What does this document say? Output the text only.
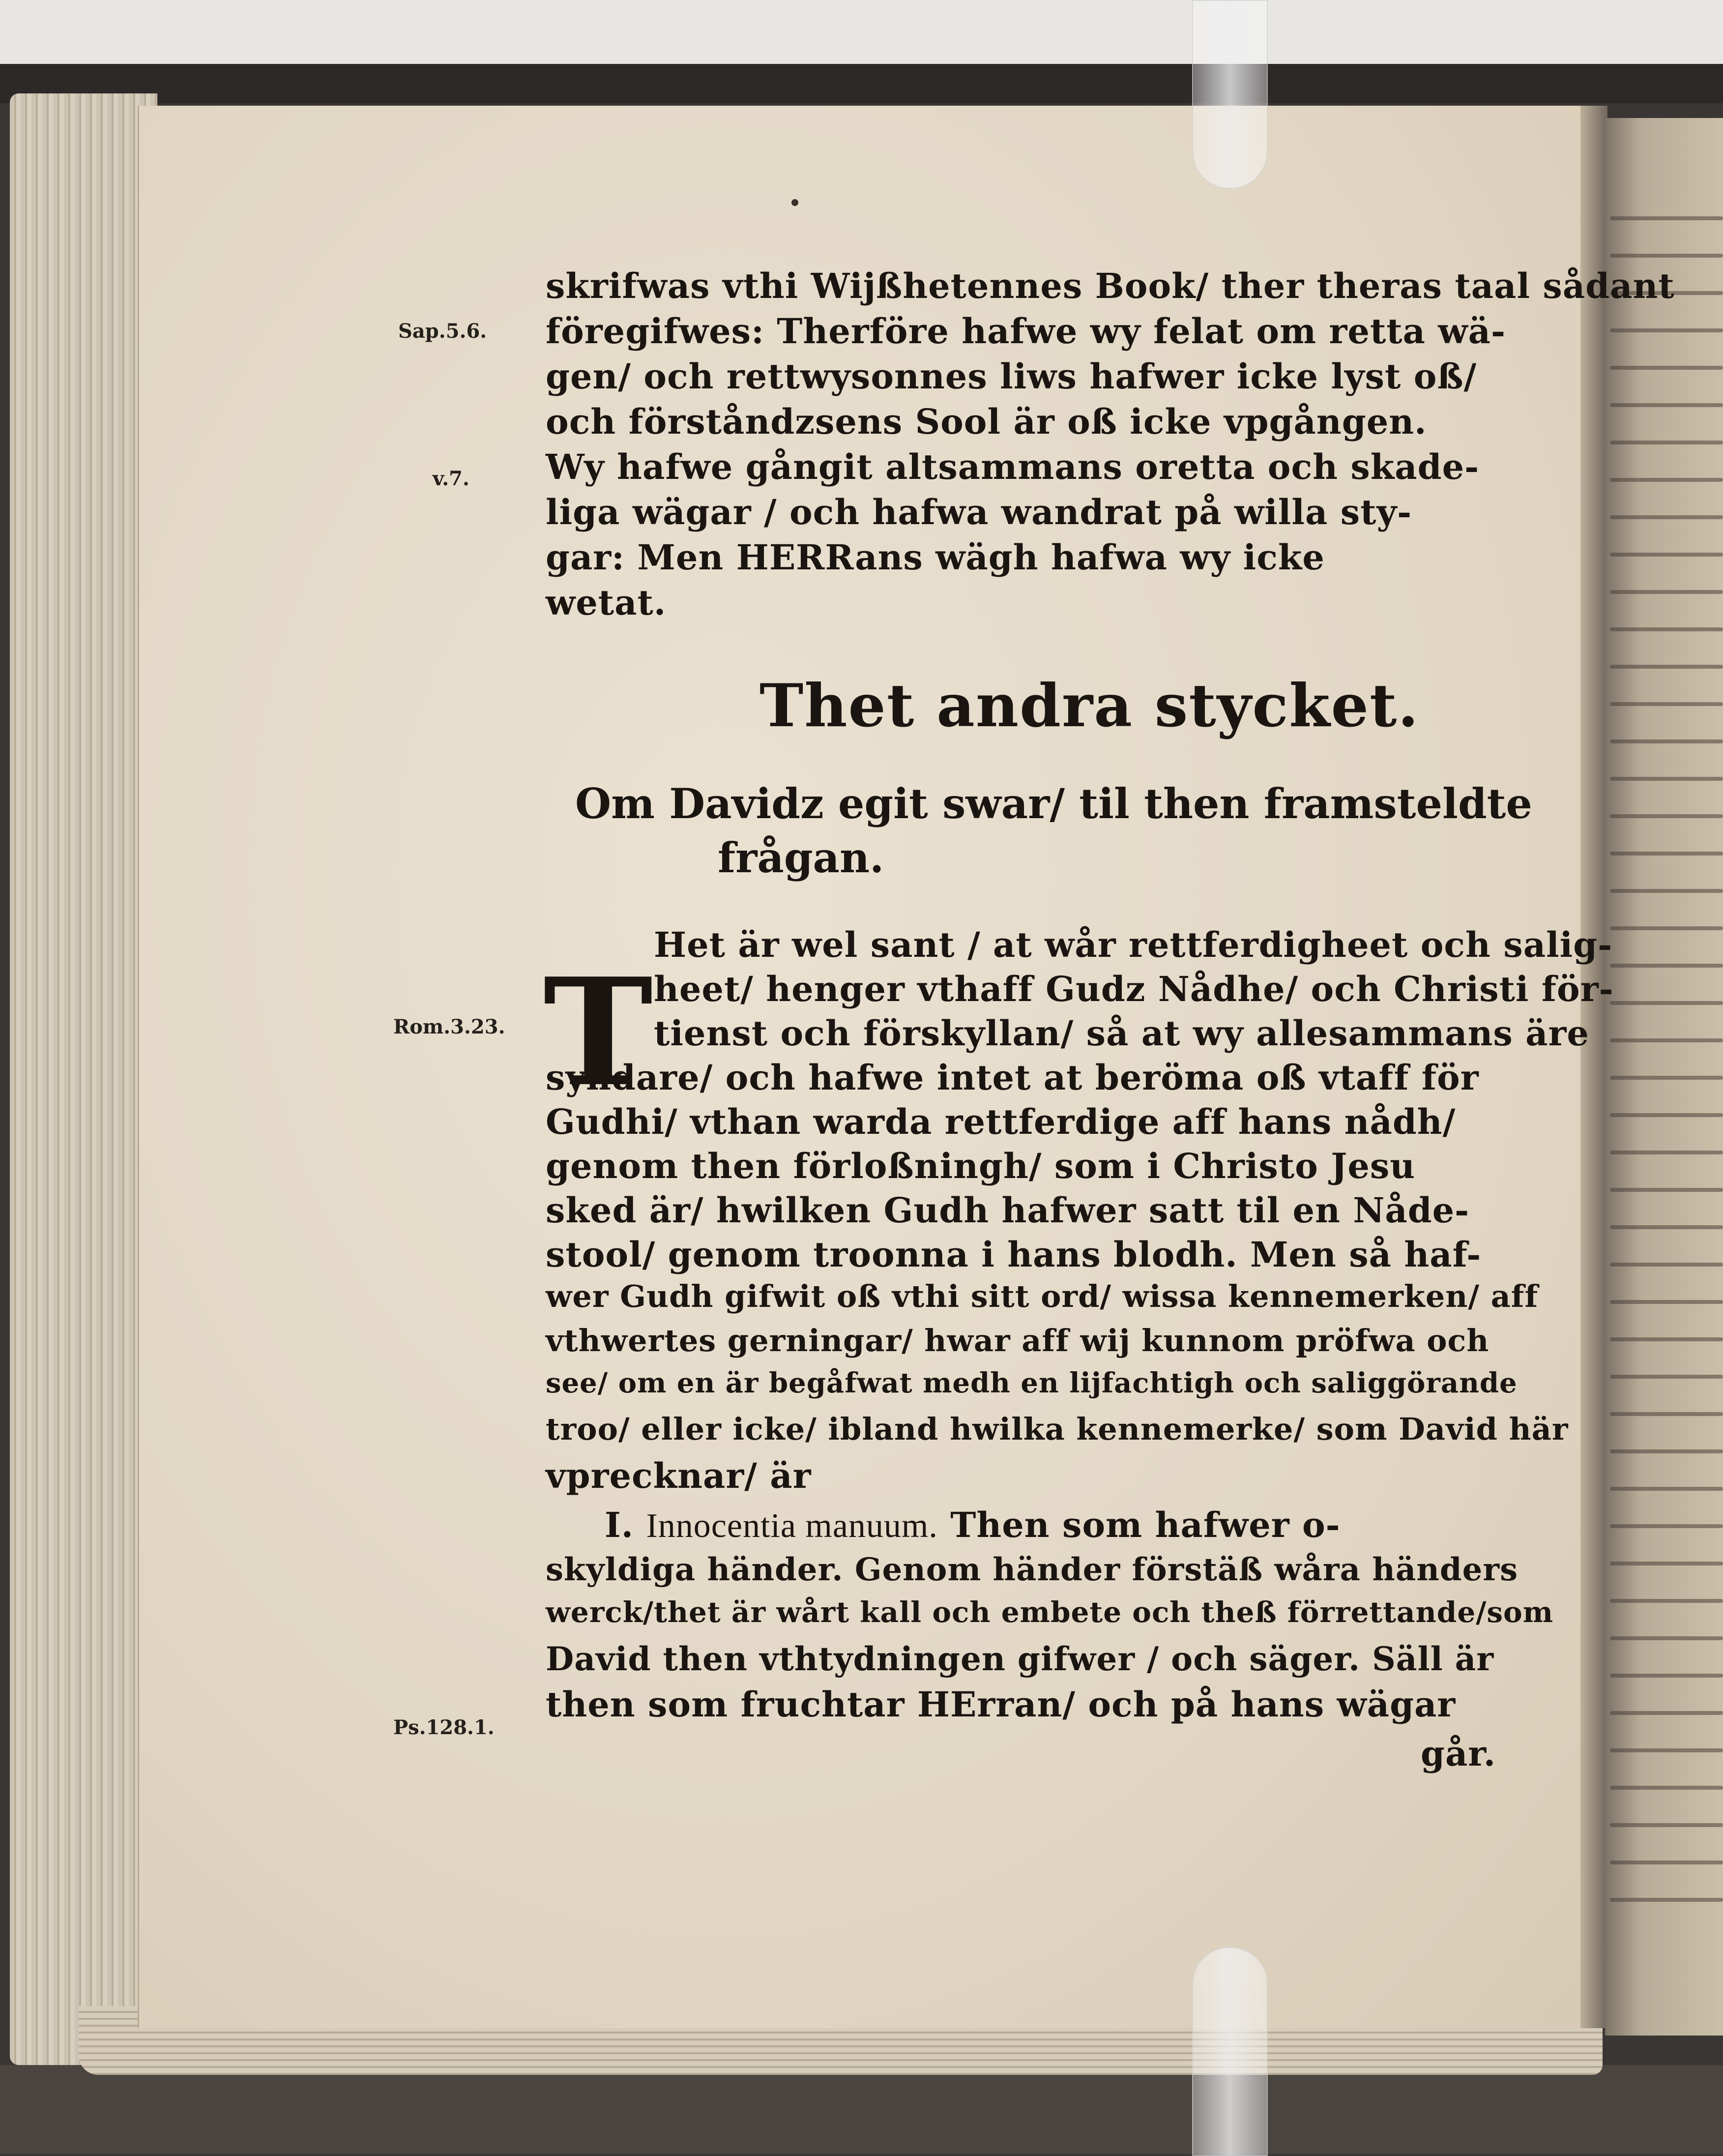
Sap.5.6.
v.7.
Rom.3.23.
Ps.128.1.
skrifwas vthi Wijßhetennes Book/ ther theras taal sådant
föregifwes: Therföre hafwe wy felat om retta wä-
gen/ och rettwysonnes liws hafwer icke lyst oß/
och förståndzsens Sool är oß icke vpgången.
Wy hafwe gångit altsammans oretta och skade-
liga wägar / och hafwa wandrat på willa sty-
gar: Men HERRans wägh hafwa wy icke
wetat.
Thet andra stycket.
Om Davidz egit swar/ til then framsteldte
frågan.
T
Het är wel sant / at wår rettferdigheet och salig-
heet/ henger vthaff Gudz Nådhe/ och Christi för-
tienst och förskyllan/ så at wy allesammans äre
syndare/ och hafwe intet at beröma oß vtaff för
Gudhi/ vthan warda rettferdige aff hans nådh/
genom then förloßningh/ som i Christo Jesu
sked är/ hwilken Gudh hafwer satt til en Nåde-
stool/ genom troonna i hans blodh. Men så haf-
wer Gudh gifwit oß vthi sitt ord/ wissa kennemerken/ aff
vthwertes gerningar/ hwar aff wij kunnom pröfwa och
see/ om en är begåfwat medh en lijfachtigh och saliggörande
troo/ eller icke/ ibland hwilka kennemerke/ som David här
vprecknar/ är
I. Innocentia manuum. Then som hafwer o-
skyldiga händer. Genom händer förstäß wåra händers
werck/thet är wårt kall och embete och theß förrettande/som
David then vthtydningen gifwer / och säger. Säll är
then som fruchtar HErran/ och på hans wägar
går.
